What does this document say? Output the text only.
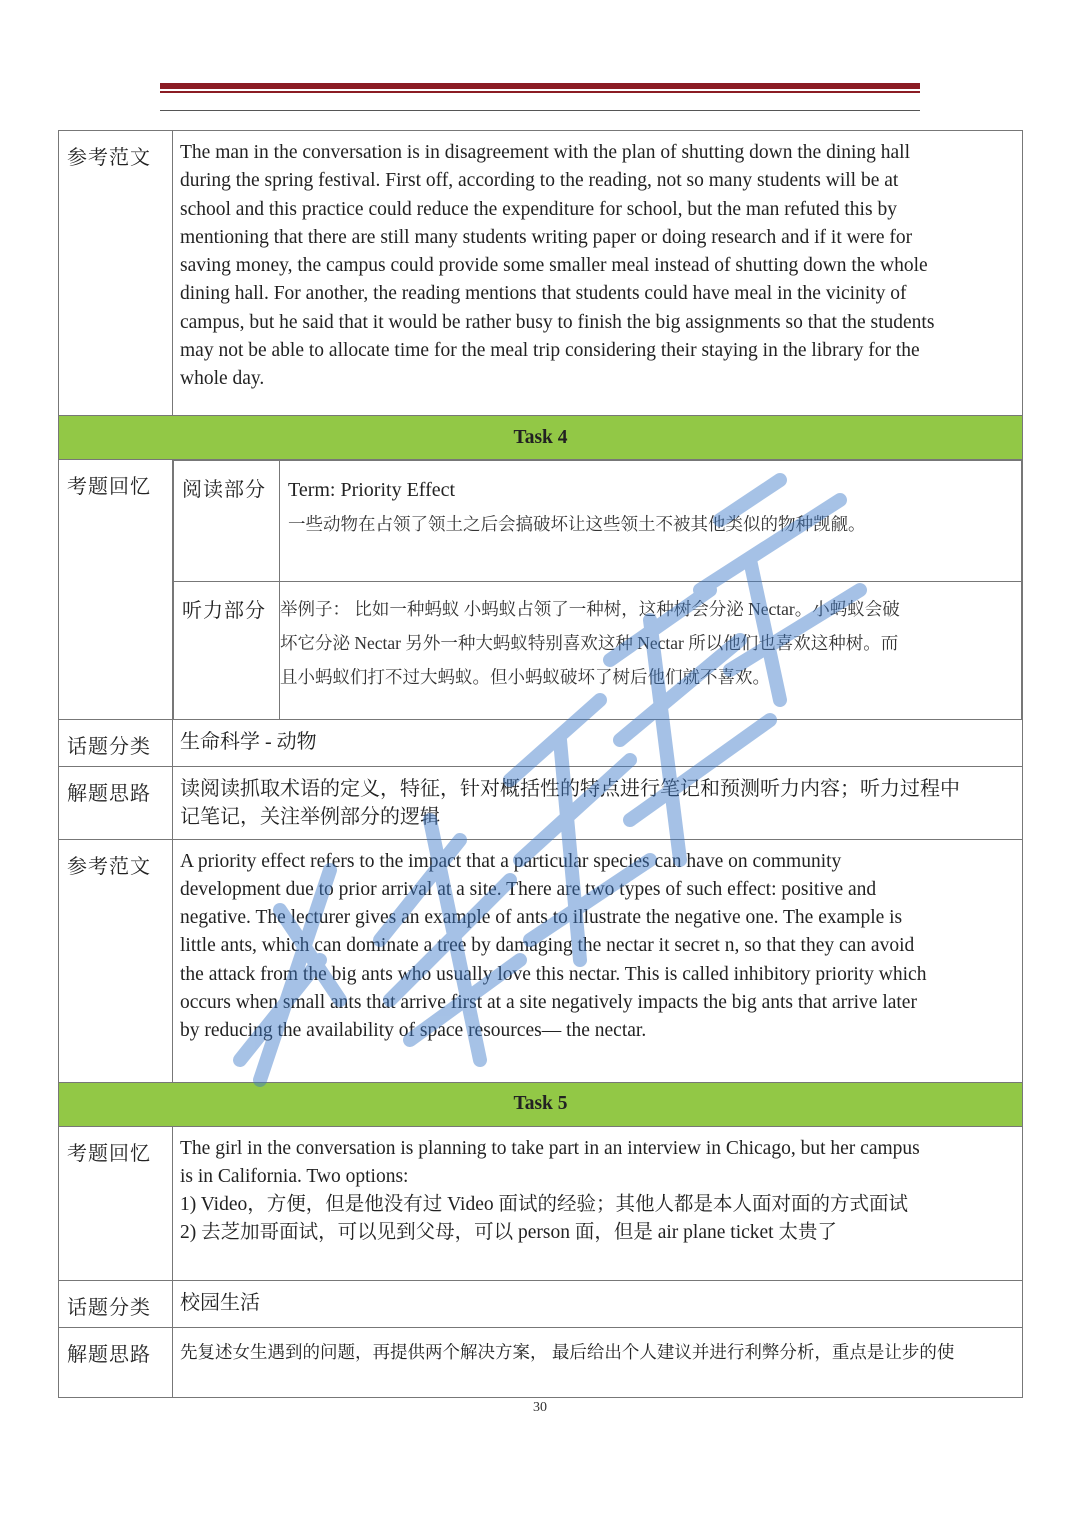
参考范文	The man in the conversation is in disagreement with the plan of shutting down the dining hall
during the spring festival. First off, according to the reading, not so many students will be at
school and this practice could reduce the expenditure for school, but the man refuted this by
mentioning that there are still many students writing paper or doing research and if it were for
saving money, the campus could provide some smaller meal instead of shutting down the whole
dining hall. For another, the reading mentions that students could have meal in the vicinity of
campus, but he said that it would be rather busy to finish the big assignments so that the students
may not be able to allocate time for the meal trip considering their staying in the library for the
whole day.

Task 4
考题回忆	阅读部分	Term: Priority Effect
一些动物在占领了领土之后会搞破坏让这些领土不被其他类似的物种觊觎。

听力部分	举例子： 比如一种蚂蚁 小蚂蚁占领了一种树，这种树会分泌 Nectar。小蚂蚁会破
坏它分泌 Nectar 另外一种大蚂蚁特别喜欢这种 Nectar 所以他们也喜欢这种树。而
且小蚂蚁们打不过大蚂蚁。但小蚂蚁破坏了树后他们就不喜欢。

话题分类	生命科学 - 动物
解题思路	读阅读抓取术语的定义，特征，针对概括性的特点进行笔记和预测听力内容；听力过程中
记笔记，关注举例部分的逻辑

参考范文	A priority effect refers to the impact that a particular species can have on community
development due to prior arrival at a site. There are two types of such effect: positive and
negative. The lecturer gives an example of ants to illustrate the negative one. The example is
little ants, which can dominate a tree by damaging the nectar it secret n, so that they can avoid
the attack from the big ants who usually love this nectar. This is called inhibitory priority which
occurs when small ants that arrive first at a site negatively impacts the big ants that arrive later
by reducing the availability of space resources— the nectar.

Task 5
考题回忆	The girl in the conversation is planning to take part in an interview in Chicago, but her campus
is in California. Two options:
1) Video，方便，但是他没有过 Video 面试的经验；其他人都是本人面对面的方式面试
2) 去芝加哥面试，可以见到父母，可以 person 面，但是 air plane ticket 太贵了

话题分类	校园生活
解题思路	先复述女生遇到的问题，再提供两个解决方案， 最后给出个人建议并进行利弊分析，重点是让步的使
30
